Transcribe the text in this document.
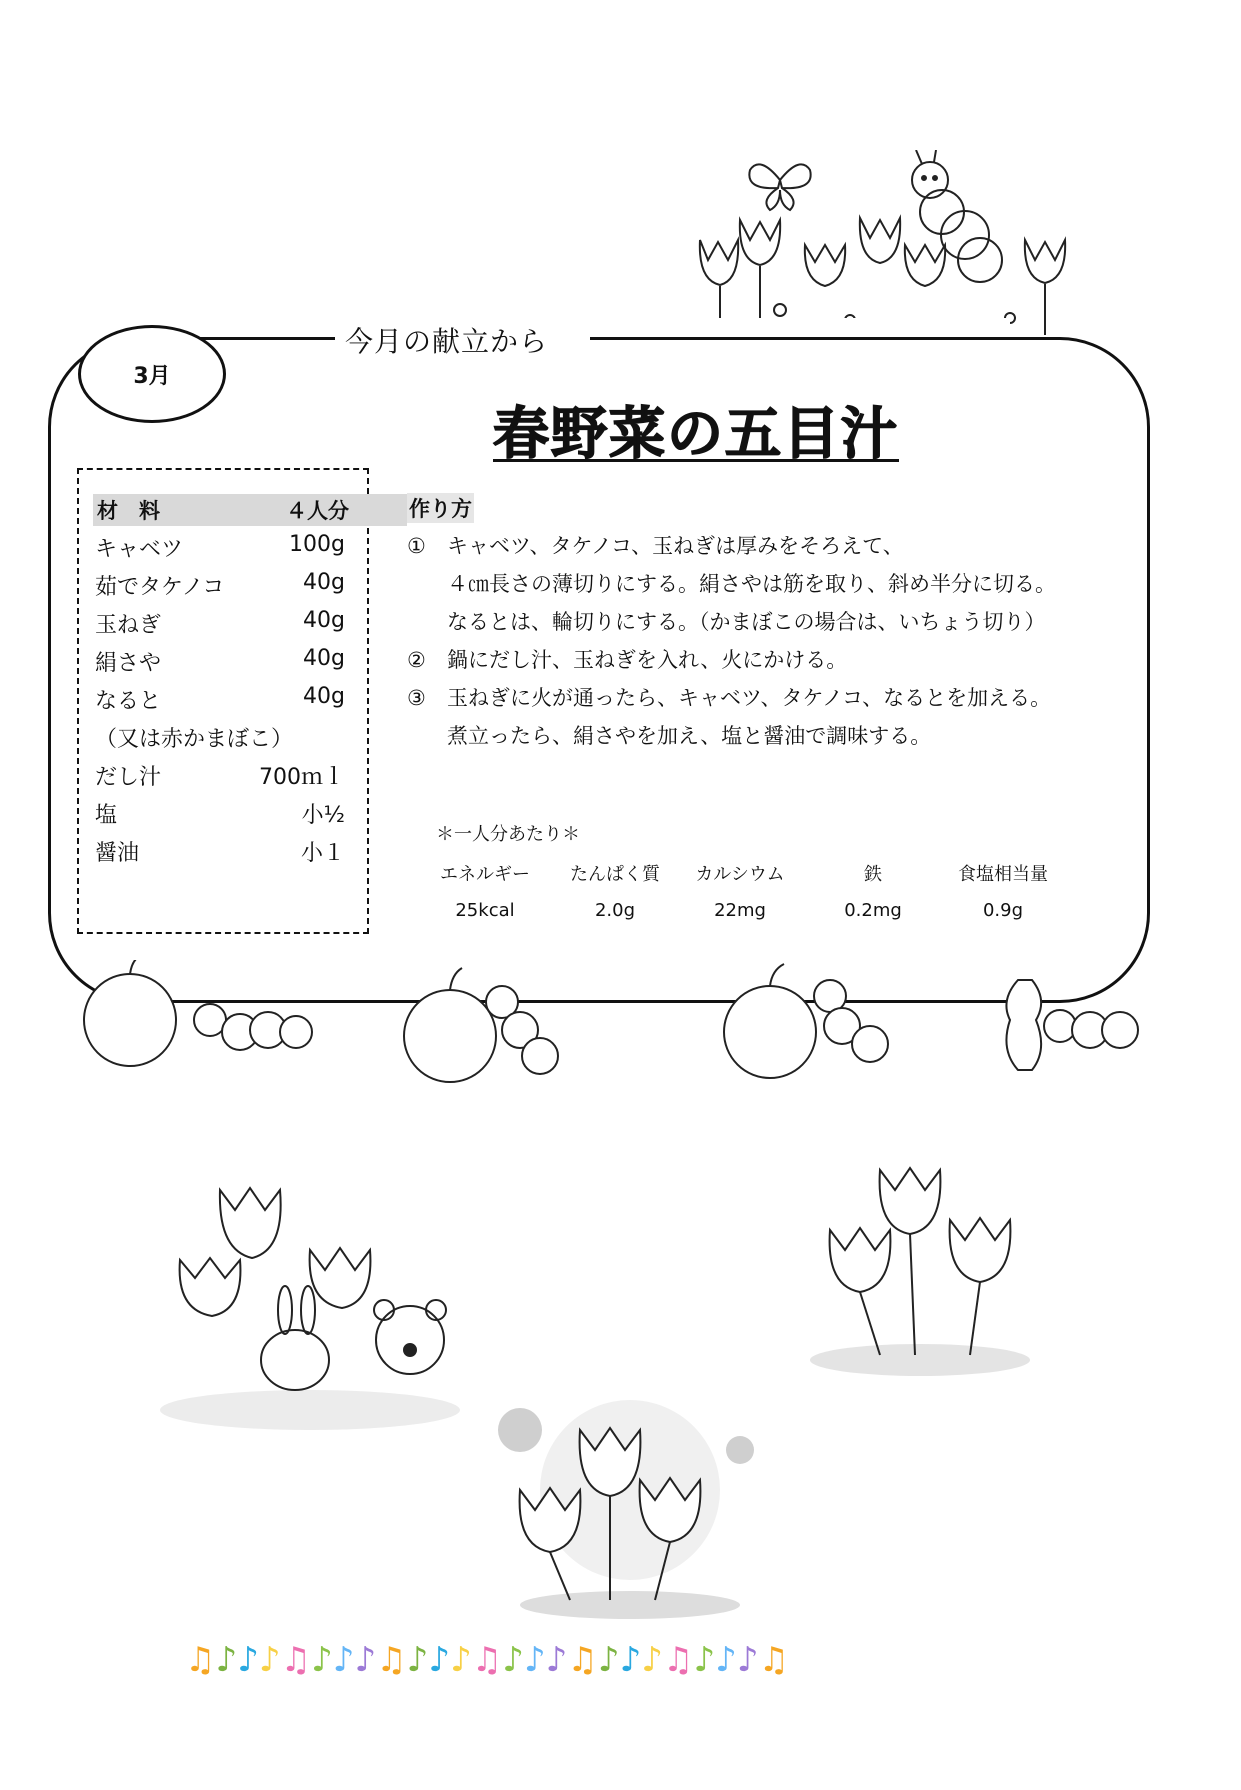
今月の献立から
3月
春野菜の五目汁
材　料	４人分
キャベツ	100g
茹でタケノコ	40g
玉ねぎ	40g
絹さや	40g
なると	40g
（又は赤かまぼこ）
だし汁	700ｍｌ
塩	小½
醤油	小１
作り方
① キャベツ、タケノコ、玉ねぎは厚みをそろえて、
４㎝長さの薄切りにする。絹さやは筋を取り、斜め半分に切る。
なるとは、輪切りにする。（かまぼこの場合は、いちょう切り）
② 鍋にだし汁、玉ねぎを入れ、火にかける。
③ 玉ねぎに火が通ったら、キャベツ、タケノコ、なるとを加える。
煮立ったら、絹さやを加え、塩と醤油で調味する。
＊一人分あたり＊
エネルギー	たんぱく質	カルシウム	鉄	食塩相当量
25kcal	2.0g	22mg	0.2mg	0.9g
♫♪♪♪♫♪♪♪♫♪♪♪♫♪♪♪♫♪♪♪♫♪♪♪♫
